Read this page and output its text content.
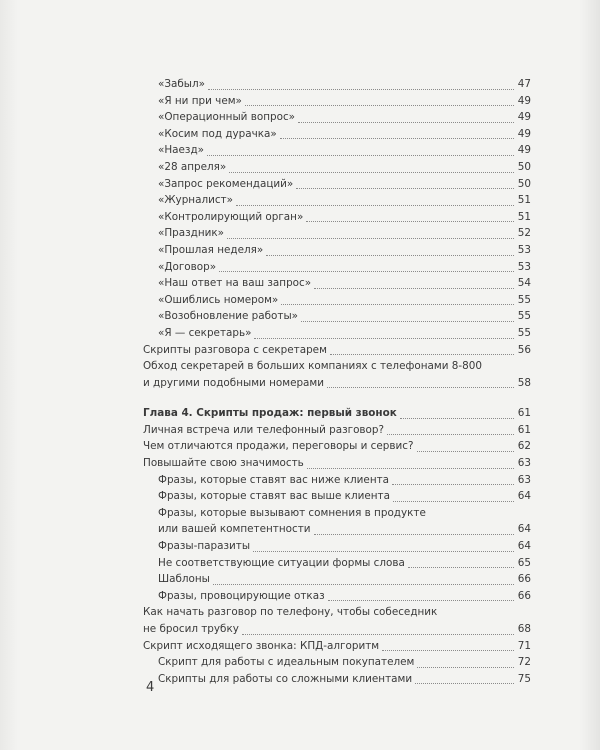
«Забыл»	47
«Я ни при чем»	49
«Операционный вопрос»	49
«Косим под дурачка»	49
«Наезд»	49
«28 апреля»	50
«Запрос рекомендаций»	50
«Журналист»	51
«Контролирующий орган»	51
«Праздник»	52
«Прошлая неделя»	53
«Договор»	53
«Наш ответ на ваш запрос»	54
«Ошиблись номером»	55
«Возобновление работы»	55
«Я — секретарь»	55
Скрипты разговора с секретарем	56
Обход секретарей в больших компаниях с телефонами 8-800
и другими подобными номерами	58
Глава 4. Скрипты продаж: первый звонок	61
Личная встреча или телефонный разговор?	61
Чем отличаются продажи, переговоры и сервис?	62
Повышайте свою значимость	63
Фразы, которые ставят вас ниже клиента	63
Фразы, которые ставят вас выше клиента	64
Фразы, которые вызывают сомнения в продукте
или вашей компетентности	64
Фразы-паразиты	64
Не соответствующие ситуации формы слова	65
Шаблоны	66
Фразы, провоцирующие отказ	66
Как начать разговор по телефону, чтобы собеседник
не бросил трубку	68
Скрипт исходящего звонка: КПД-алгоритм	71
Скрипт для работы с идеальным покупателем	72
Скрипты для работы со сложными клиентами	75
4
